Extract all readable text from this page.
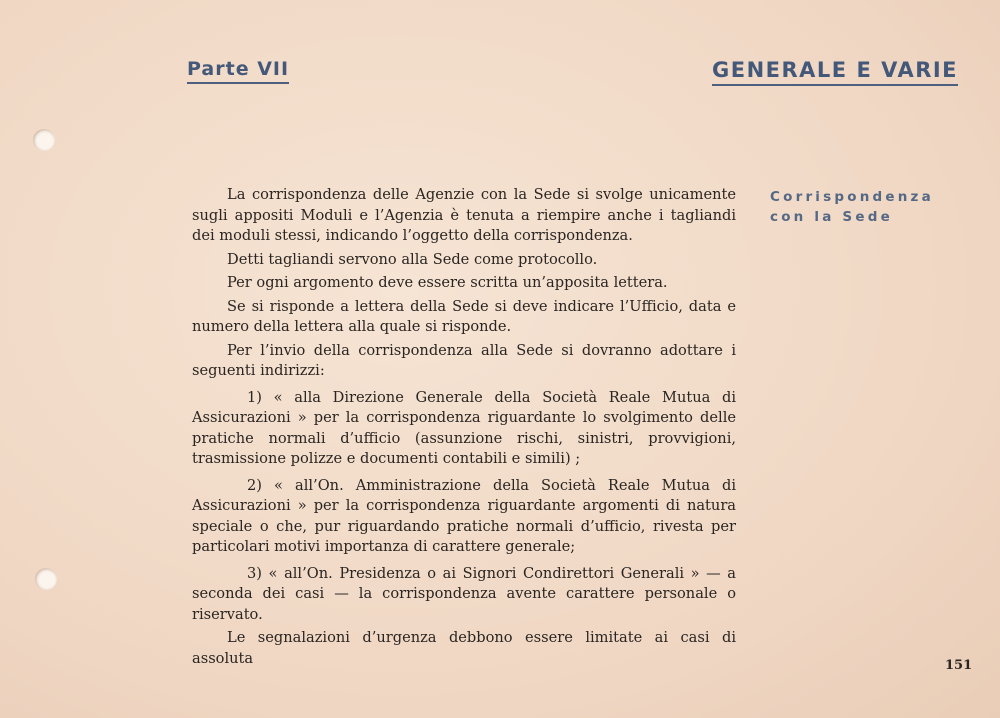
Parte VII	GENERALE E VARIE
Corrispondenza
con la Sede

La corrispondenza delle Agenzie con la Sede si svolge unicamente sugli appositi Moduli e l’Agenzia è tenuta a riempire anche i tagliandi dei moduli stessi, indicando l’oggetto della corrispondenza.

Detti tagliandi servono alla Sede come protocollo.

Per ogni argomento deve essere scritta un’apposita lettera.

Se si risponde a lettera della Sede si deve indicare l’Ufficio, data e numero della lettera alla quale si risponde.

Per l’invio della corrispondenza alla Sede si dovranno adottare i seguenti indirizzi:

1) « alla Direzione Generale della Società Reale Mutua di Assicurazioni » per la corrispondenza riguardante lo svolgimento delle pratiche normali d’ufficio (assunzione rischi, sinistri, provvigioni, trasmissione polizze e documenti contabili e simili) ;

2) « all’On. Amministrazione della Società Reale Mutua di Assicurazioni » per la corrispondenza riguardante argomenti di natura speciale o che, pur riguardando pratiche normali d’ufficio, rivesta per particolari motivi importanza di carattere generale;

3) « all’On. Presidenza o ai Signori Condirettori Generali » — a seconda dei casi — la corrispondenza avente carattere personale o riservato.

Le segnalazioni d’urgenza debbono essere limitate ai casi di assoluta	151
